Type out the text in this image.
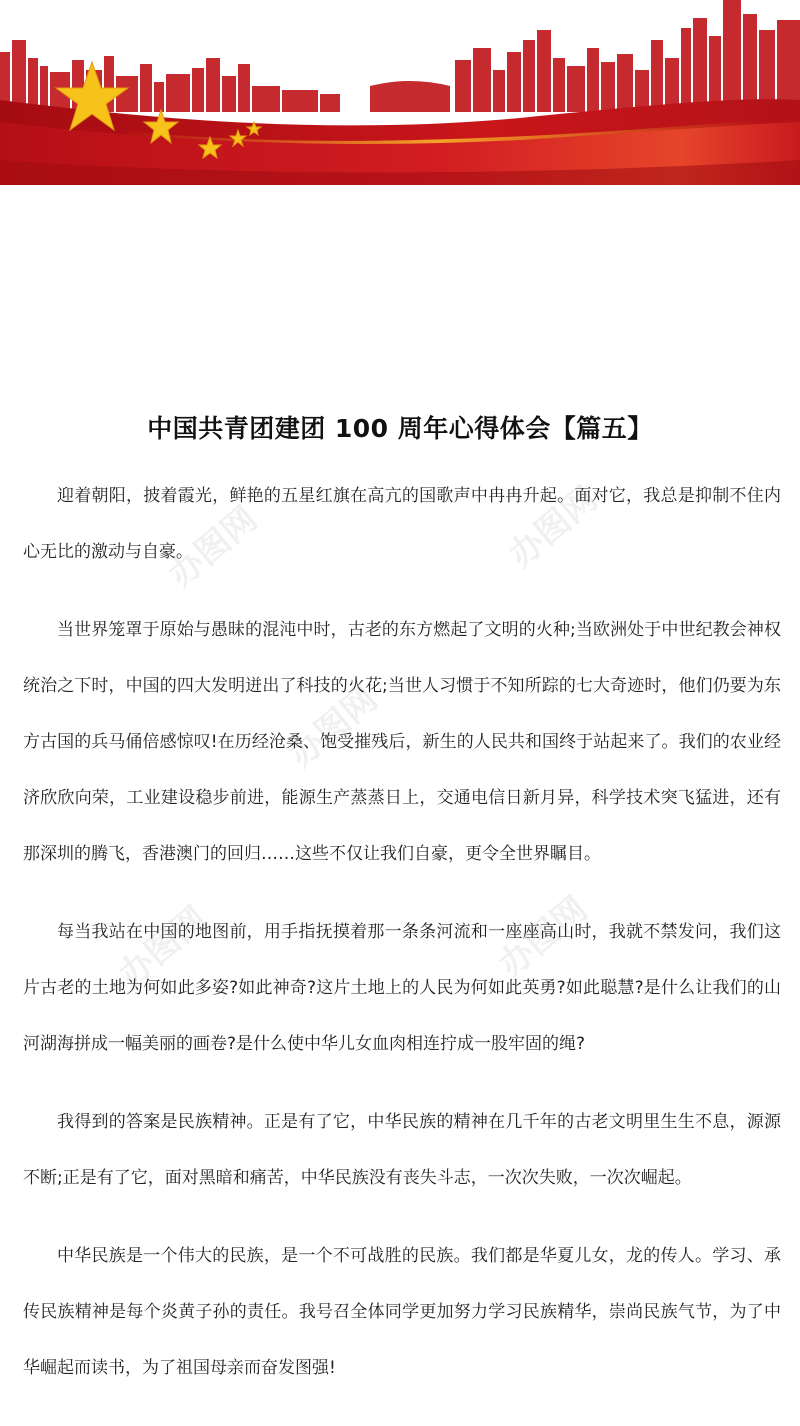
办图网	办图网
办图网
办图网
办图网
中国共青团建团 100 周年心得体会【篇五】

迎着朝阳，披着霞光，鲜艳的五星红旗在高亢的国歌声中冉冉升起。面对它，我总是抑制不住内心无比的激动与自豪。

当世界笼罩于原始与愚昧的混沌中时，古老的东方燃起了文明的火种;当欧洲处于中世纪教会神权统治之下时，中国的四大发明迸出了科技的火花;当世人习惯于不知所踪的七大奇迹时，他们仍要为东方古国的兵马俑倍感惊叹!在历经沧桑、饱受摧残后，新生的人民共和国终于站起来了。我们的农业经济欣欣向荣，工业建设稳步前进，能源生产蒸蒸日上，交通电信日新月异，科学技术突飞猛进，还有那深圳的腾飞，香港澳门的回归……这些不仅让我们自豪，更令全世界瞩目。

每当我站在中国的地图前，用手指抚摸着那一条条河流和一座座高山时，我就不禁发问，我们这片古老的土地为何如此多姿?如此神奇?这片土地上的人民为何如此英勇?如此聪慧?是什么让我们的山河湖海拼成一幅美丽的画卷?是什么使中华儿女血肉相连拧成一股牢固的绳?

我得到的答案是民族精神。正是有了它，中华民族的精神在几千年的古老文明里生生不息，源源不断;正是有了它，面对黑暗和痛苦，中华民族没有丧失斗志，一次次失败，一次次崛起。

中华民族是一个伟大的民族，是一个不可战胜的民族。我们都是华夏儿女，龙的传人。学习、承传民族精神是每个炎黄子孙的责任。我号召全体同学更加努力学习民族精华，崇尚民族气节，为了中华崛起而读书，为了祖国母亲而奋发图强!
